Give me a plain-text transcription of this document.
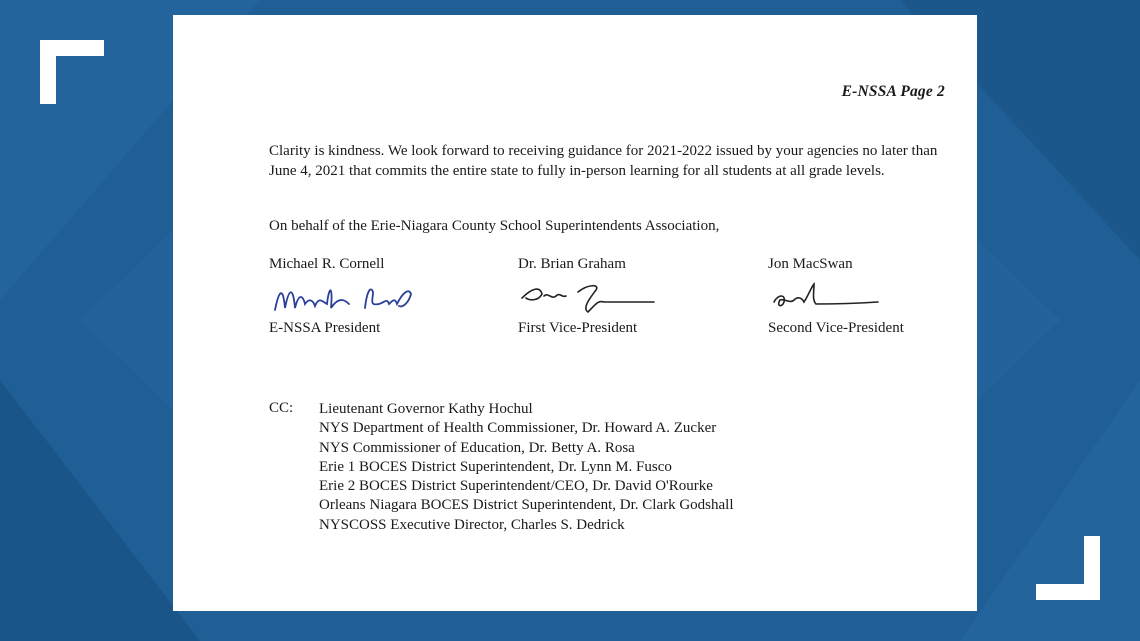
E-NSSA Page 2

Clarity is kindness. We look forward to receiving guidance for 2021-2022 issued by your agencies no later than June 4, 2021 that commits the entire state to fully in-person learning for all students at all grade levels.

On behalf of the Erie-Niagara County School Superintendents Association,

Michael R. Cornell
E-NSSA President
Dr. Brian Graham
First Vice-President
Jon MacSwan
Second Vice-President
CC: Lieutenant Governor Kathy Hochul
NYS Department of Health Commissioner, Dr. Howard A. Zucker
NYS Commissioner of Education, Dr. Betty A. Rosa
Erie 1 BOCES District Superintendent, Dr. Lynn M. Fusco
Erie 2 BOCES District Superintendent/CEO, Dr. David O'Rourke
Orleans Niagara BOCES District Superintendent, Dr. Clark Godshall
NYSCOSS Executive Director, Charles S. Dedrick
